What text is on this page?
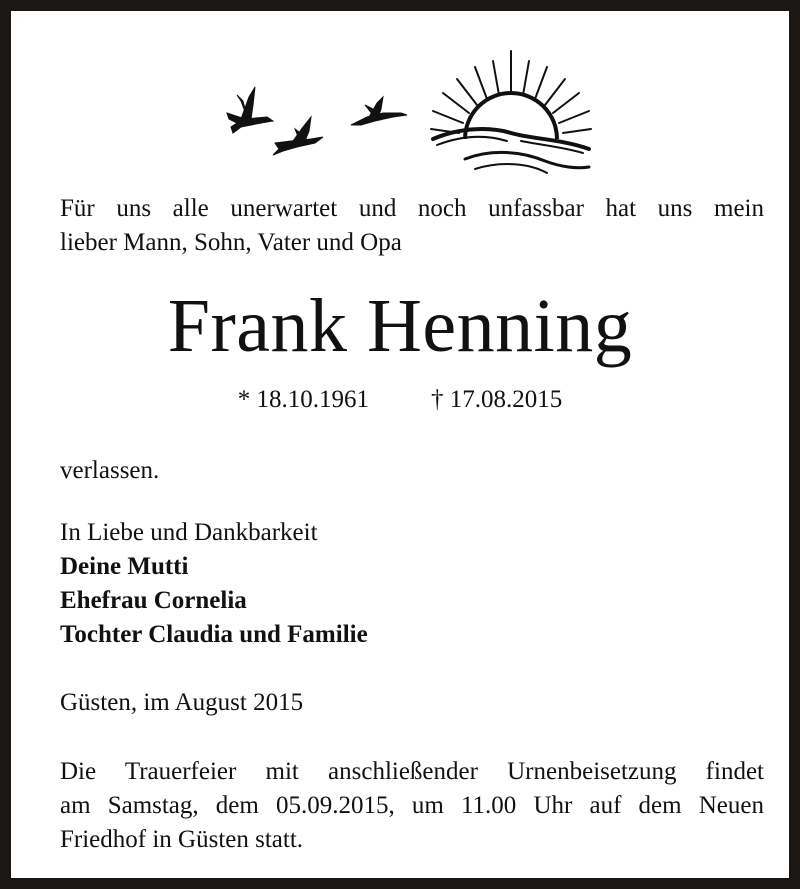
Für uns alle unerwartet und noch unfassbar hat uns mein
lieber Mann, Sohn, Vater und Opa
Frank Henning
* 18.10.1961 † 17.08.2015

verlassen.

In Liebe und Dankbarkeit
Deine Mutti
Ehefrau Cornelia
Tochter Claudia und Familie

Güsten, im August 2015

Die Trauerfeier mit anschließender Urnenbeisetzung findet
am Samstag, dem 05.09.2015, um 11.00 Uhr auf dem Neuen
Friedhof in Güsten statt.
